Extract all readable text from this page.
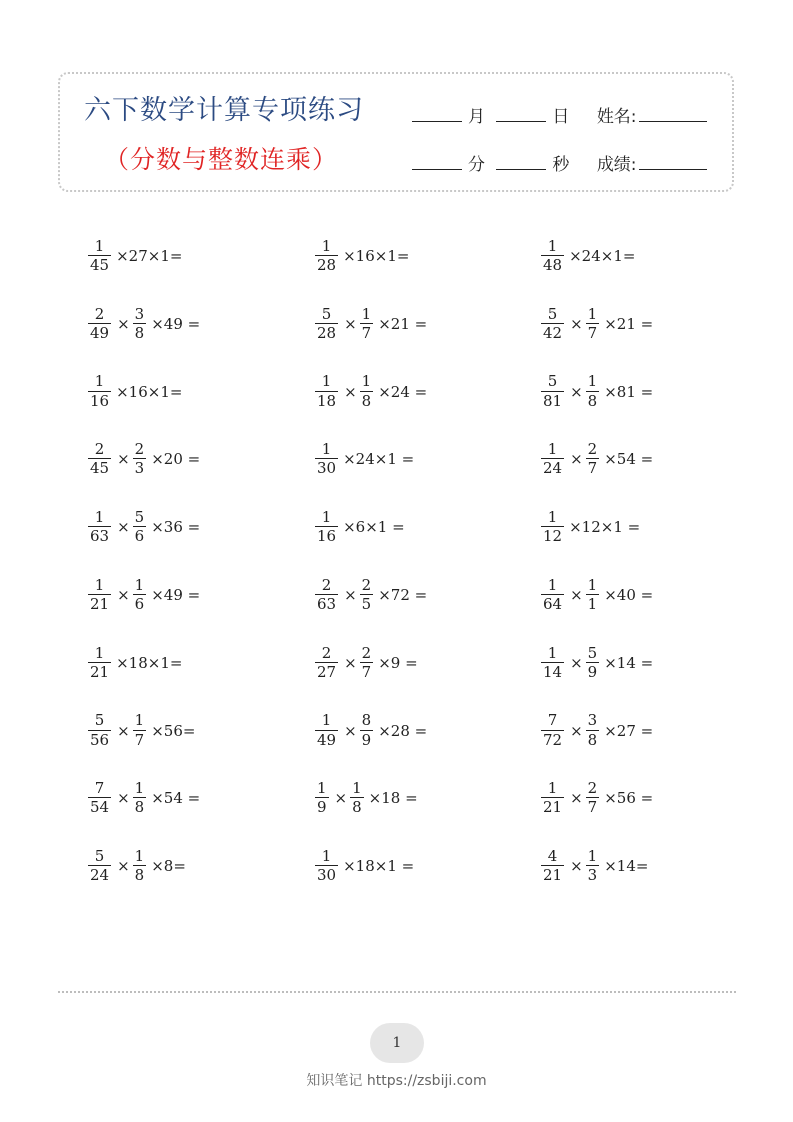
六下数学计算专项练习
（分数与整数连乘）
月	日 姓名:
分	秒 成绩:
$\frac{1}{45} \times 27\times 1=$
$\frac{2}{49} \times \frac{3}{8} \times 49$ =
$\frac{1}{16} \times 16\times 1=$
$\frac{2}{45} \times \frac{2}{3} \times 20$ =
$\frac{1}{63} \times \frac{5}{6} \times 36$ =
$\frac{1}{21} \times \frac{1}{6} \times 49$ =
$\frac{1}{21} \times 18\times 1=$
$\frac{5}{56} \times \frac{1}{7} \times 56=$
$\frac{7}{54} \times \frac{1}{8} \times 54$ =
$\frac{5}{24} \times \frac{1}{8} \times 8=$
$\frac{1}{28} \times 16\times 1=$
$\frac{5}{28} \times \frac{1}{7} \times 21$ =
$\frac{1}{18} \times \frac{1}{8} \times 24$ =
$\frac{1}{30} \times 24\times 1$ =
$\frac{1}{16} \times 6\times 1$ =
$\frac{2}{63} \times \frac{2}{5} \times 72$ =
$\frac{2}{27} \times \frac{2}{7} \times 9$ =
$\frac{1}{49} \times \frac{8}{9} \times 28$ =
$\frac{1}{9} \times \frac{1}{8} \times 18$ =
$\frac{1}{30} \times 18\times 1$ =
$\frac{1}{48} \times 24\times 1=$
$\frac{5}{42} \times \frac{1}{7} \times 21$ =
$\frac{5}{81} \times \frac{1}{8} \times 81$ =
$\frac{1}{24} \times \frac{2}{7} \times 54$ =
$\frac{1}{12} \times 12\times 1$ =
$\frac{1}{64} \times \frac{1}{1} \times 40$ =
$\frac{1}{14} \times \frac{5}{9} \times 14$ =
$\frac{7}{72} \times \frac{3}{8} \times 27$ =
$\frac{1}{21} \times \frac{2}{7} \times 56$ =
$\frac{4}{21} \times \frac{1}{3} \times 14=$
1
知识笔记 https://zsbiji.com
